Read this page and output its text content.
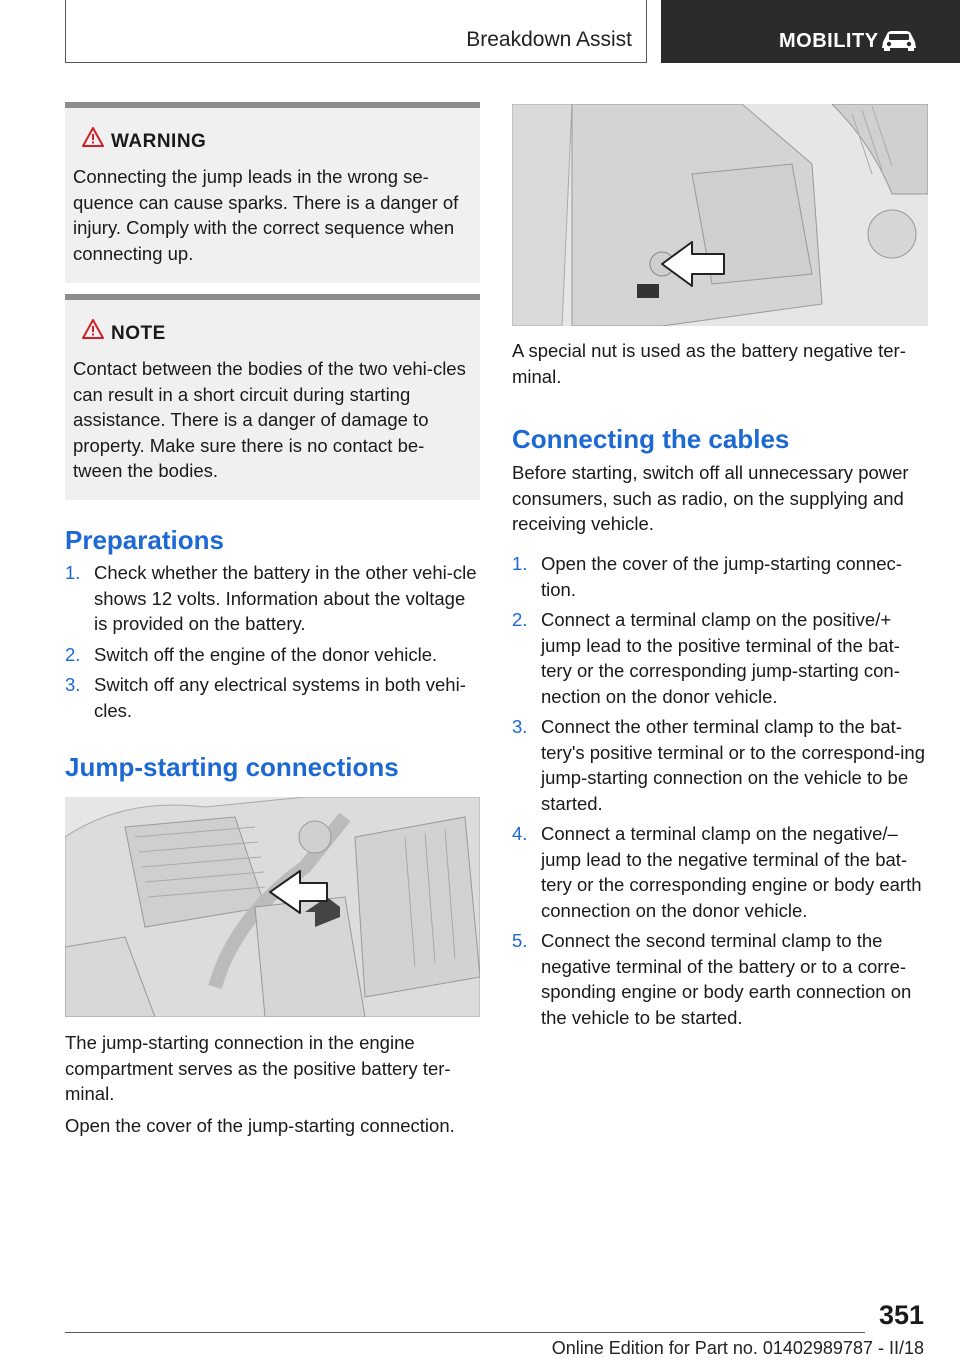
Breakdown Assist	MOBILITY
WARNING
Connecting the jump leads in the wrong se-quence can cause sparks. There is a danger of injury. Comply with the correct sequence when connecting up.
NOTE
Contact between the bodies of the two vehi-cles can result in a short circuit during starting assistance. There is a danger of damage to property. Make sure there is no contact be-tween the bodies.
Preparations
1. Check whether the battery in the other vehi-cle shows 12 volts. Information about the voltage is provided on the battery.
2. Switch off the engine of the donor vehicle.
3. Switch off any electrical systems in both vehi-cles.
Jump-starting connections
The jump-starting connection in the engine compartment serves as the positive battery ter-minal.
Open the cover of the jump-starting connection.
A special nut is used as the battery negative ter-minal.
Connecting the cables
Before starting, switch off all unnecessary power consumers, such as radio, on the supplying and receiving vehicle.
1. Open the cover of the jump-starting connec-tion.
2. Connect a terminal clamp on the positive/+ jump lead to the positive terminal of the bat-tery or the corresponding jump-starting con-nection on the donor vehicle.
3. Connect the other terminal clamp to the bat-tery's positive terminal or to the correspond-ing jump-starting connection on the vehicle to be started.
4. Connect a terminal clamp on the negative/– jump lead to the negative terminal of the bat-tery or the corresponding engine or body earth connection on the donor vehicle.
5. Connect the second terminal clamp to the negative terminal of the battery or to a corre-sponding engine or body earth connection on the vehicle to be started.
351
Online Edition for Part no. 01402989787 - II/18
